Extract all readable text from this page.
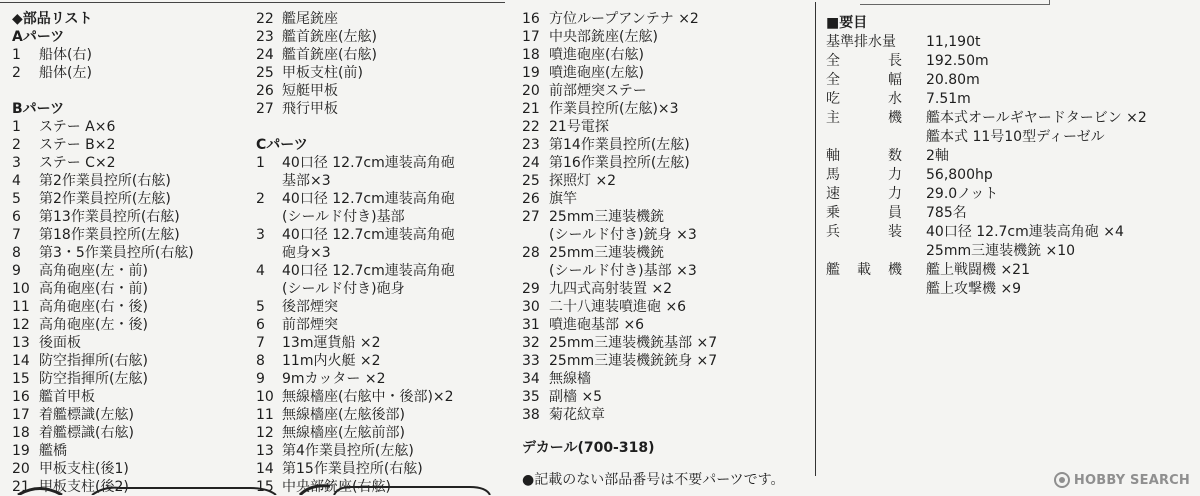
◆部品リスト
Aパーツ
1	船体(右)
2	船体(左)
Bパーツ
1	ステー A×6
2	ステー B×2
3	ステー C×2
4	第2作業員控所(右舷)
5	第2作業員控所(左舷)
6	第13作業員控所(右舷)
7	第18作業員控所(左舷)
8	第3・5作業員控所(右舷)
9	高角砲座(左・前)
10 高角砲座(右・前)
11 高角砲座(右・後)
12 高角砲座(左・後)
13 後面板
14 防空指揮所(右舷)
15 防空指揮所(左舷)
16 艦首甲板
17 着艦標識(左舷)
18 着艦標識(右舷)
19 艦橋
20 甲板支柱(後1)
21 甲板支柱(後2)
22 艦尾銃座
23 艦首銃座(左舷)
24 艦首銃座(右舷)
25 甲板支柱(前)
26 短艇甲板
27 飛行甲板
Cパーツ
1	40口径 12.7cm連装高角砲
基部×3
2	40口径 12.7cm連装高角砲
(シールド付き)基部
3	40口径 12.7cm連装高角砲
砲身×3
4	40口径 12.7cm連装高角砲
(シールド付き)砲身
5	後部煙突
6	前部煙突
7	13m運貨船 ×2
8	11m内火艇 ×2
9	9mカッター ×2
10 無線檣座(右舷中・後部)×2
11 無線檣座(左舷後部)
12 無線檣座(左舷前部)
13 第4作業員控所(左舷)
14 第15作業員控所(右舷)
15 中央部銃座(右舷)
16 方位ループアンテナ ×2
17 中央部銃座(左舷)
18 噴進砲座(右舷)
19 噴進砲座(左舷)
20 前部煙突ステー
21 作業員控所(左舷)×3
22 21号電探
23 第14作業員控所(左舷)
24 第16作業員控所(左舷)
25 探照灯 ×2
26 旗竿
27 25mm三連装機銃
(シールド付き)銃身 ×3
28 25mm三連装機銃
(シールド付き)基部 ×3
29 九四式高射装置 ×2
30 二十八連装噴進砲 ×6
31 噴進砲基部 ×6
32 25mm三連装機銃基部 ×7
33 25mm三連装機銃銃身 ×7
34 無線檣
35 副檣 ×5
38 菊花紋章
デカール(700-318)
●記載のない部品番号は不要パーツです。
■要目
基準排水量	11,190t
全	長 192.50m
全	幅 20.80m
吃	水 7.51m
主	機 艦本式オールギヤードタービン ×2
艦本式 11号10型ディーゼル
軸	数 2軸
馬	力 56,800hp
速	力 29.0ノット
乗	員 785名
兵	装 40口径 12.7cm連装高角砲 ×4
25mm三連装機銃 ×10
艦 載 機 艦上戦闘機 ×21
艦上攻撃機 ×9
HOBBY SEARCH
